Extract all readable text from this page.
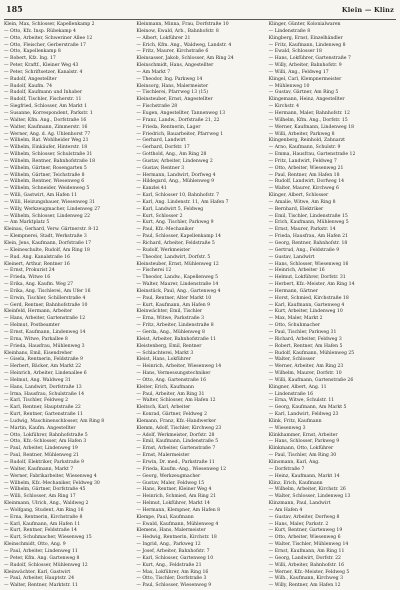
185	Klein — Klinz
Klein, Max, Schlosser, Kapellenkamp 2
— Otto, Kfz. Insp. Rübekamp 4
— Otto, Arbeiter, Schweriner Allee 12
— Otto, Fleischer, Gerberstraße 17
— Otto, Kapellenkamp 8
— Robert, Kfz. Ing. 17
— Peter, Kraftf., Kleiner Weg 43
— Peter, Schriftsetzer, Kanalstr. 4
— Rudolf, Angestellter
— Rudolf, Kaufm. 74
— Rudolf, Kaufmann und Inhaber
— Rudolf, Tischler, Fischerstr. 11
— Siegfried, Schlosser, Am Markt 1
— Susanne, Korrespondent, Parkstr. 1
— Walter, Kfm. Ang., Dorfstraße 16
— Walter, Kaufmann, Zimmerstr. 16
— Werner, Ang. d. Ag. Uhlenhorst 77
— Wilhelm, Rat. Wohlheider Weg 21
— Wilhelm, Einkäufer, Hinterstr. 18
— Wilhelm, Schlosser, Schulstraße 31
— Wilhelm, Rentner, Bahnhofstraße 18
— Wilhelm, Gärtner, Rosengarten 5
— Wilhelm, Gärtner, Teichstraße 8
— Wilhelm, Rentner, Wiesenweg 6
— Wilhelm, Schneider, Weidenweg 5
— Willi, Gastwirt, Am Hafen 11
— Willi, Heizungsbauer, Wiesenweg 31
— Willy, Werkzeugmacher, Lindenweg 27
— Wilhelm, Schlosser, Lindenweg 22
— Am Marktplatz 5
Kleinau, Gerhard, Verw. Gärtnerstr. 8-12
— Klempnerei, Stadt, Werkstraße 3
Klein, Jens, Kaufmann, Dorfstraße 17
— Kleineschulte, Rudolf, Am Ring 18
— Rud. Ang. Kanalstraße 16
Kleinert, Arthur, Rentner 16
— Ernst, Prokurist 24
— Frieda, Witwe 16
— Erika, Ang. Kaufm. Weg 27
— Erika, Ang. Tischlerei, Am Ufer 16
— Erwin, Tischler, Schillerstraße 4
— Gerd, Rentner, Bahnhofstraße 10
Kleinfeld, Hermann, Arbeiter
— Hans, Arbeiter, Gartenstraße 12
— Helmut, Postbeamter
— Ernst, Kaufmann, Lindenweg 14
— Erna, Witwe, Parkallee 8
— Frieda, Hausfrau, Mühlenweg 3
Kleinhans, Emil, Eisendreher
— Gisela, Rentnerin, Feldstraße 9
— Herbert, Bäcker, Am Markt 22
— Heinrich, Arbeiter, Lindenallee 6
— Helmut, Ang. Waldweg 31
— Hans, Landwirt, Dorfstraße 13
— Irma, Hausfrau, Schulstraße 14
— Karl, Tischler, Feldweg 2
— Karl, Rentner, Hauptstraße 22
— Kurt, Rentner, Gartenstraße 11
— Ludwig, Maschinenschlosser, Am Ring 8
— Martin, Kaufm. Angestellter
— Otto, Lokführer, Bahnhofstraße 5
— Otto, Kfz.-Schlosser, Am Hafen 3
— Paul, Arbeiter, Lindenweg 19
— Paul, Rentner, Mühlenweg 21
— Rudolf, Elektriker, Parkstraße 9
— Walter, Kaufmann, Markt 7
— Werner, Fabrikarbeiter, Wiesenweg 4
— Wilhelm, Kfz.-Mechaniker, Feldweg 30
— Wilhelm, Gärtner, Dorfstraße 45
— Willi, Schlosser, Am Ring 17
Kleinmann, Ulrich, Ang., Waldweg 2
— Wolfgang, Student, Am Ring 16
— Erna, Rentnerin, Kirchstraße 8
— Karl, Kaufmann, Am Hafen 11
— Kurt, Rentner, Feldstraße 14
— Kurt, Schuhmacher, Wiesenweg 15
Kleinschmidt, Otto, Ang. 9
— Paul, Arbeiter, Lindenweg 11
— Peter, Kfm. Ang. Gartenweg 8
— Rudolf, Schlosser, Mühlenweg 12
Kleinwächter, Karl, Gastwirt
— Paul, Arbeiter, Hauptstr. 24
— Walter, Rentner, Marktstr. 11
Kleinmann, Minna, Frau, Dorfstraße 10
Kleinow, Ewald, Arb., Bahnhofstr. 8
— Albert, Lokführer 21
— Erich, Kfm. Ang., Waldweg, Landstr. 4
— Fritz, Maurer, Kirchstraße 6
Kleinsasser, Jakob, Schlosser, Am Ring 24
Kleinschmidt, Hans, Angestellter
— Am Markt 7
— Theodor, Ing. Parkweg 14
Kleinsorg, Hans, Malermeister
— Tischlerei, Pfarrweg 13 (15)
Kleinsteuber, Ernst, Angestellter
— Fischstraße 28
— Eugen, Angestellter, Tannenweg 13
— Franz, Landw., Dorfstraße 21, 22
— Frieda, Rentnerin, Lager
— Friedrich, Bauarbeiter, Pfarrweg 1
— Gerhard, Landwirt
— Gerhard, Dorfstr. 17
— Gotthold, Ang., Am Ring 28
— Gustav, Arbeiter, Lindenweg 2
— Gustav, Rentner 3
— Hermann, Landwirt, Dorfweg 4
— Hildegard, Ang., Mühlenweg 9
— Kanzlei 41
— Karl, Schlosser 10, Bahnhofstr. 7
— Karl, Ang. Lindenstr. 11, Am Hafen 7
— Karl, Landwirt 5, Feldweg
— Kurt, Schlosser 2
— Kurt, Ang. Tischler, Parkweg 9
— Paul, Kfz.-Mechaniker
— Paul, Schlosser, Kapellenkamp 14
— Richard, Arbeiter, Feldstraße 5
— Rudolf, Werkmeister
— Theodor, Landwirt, Dorfstr. 5
Kleinsteuber, Ernst, Mühlenweg 12
— Fischerei 12
— Theodor, Landw., Kapellenweg 5
— Walter, Maurer, Lindenstraße 14
Kleinstück, Paul, Ang., Gartenweg 4
— Paul, Rentner, Alter Markt 10
— Kurt, Kaufmann, Am Hafen 9
Kleinwächter, Emil, Tischler
— Erna, Witwe, Parkstraße 3
— Fritz, Arbeiter, Lindenstraße 8
— Gerda, Ang., Mühlenweg 8
Kleist, Arbeiter, Bahnhofstraße 11
Kleistenberg, Emil, Rentner
— Schlachterei, Markt 3
Kleist, Hans, Lokführer
— Heinrich, Arbeiter, Wiesenweg 14
— Hans, Vermessungstechniker
— Otto, Ang. Gartenstraße 16
Kleiter, Erich, Kaufmann
— Paul, Arbeiter, Am Ring 31
— Walter, Schlosser, Am Hafen 12
Kleitsch, Karl, Arbeiter
— Konrad, Gärtner, Feldweg 2
Klemann, Franz, Kfz.-Handwerker
Klemm, Adolf, Tischler, Kirchweg 23
— Adolf, Werkmeister, Dorfstr. 28
— Emil, Kaufmann, Lindenstraße 5
— Ernst, Arbeiter, Gartenstraße 7
— Ernst, Malermeister
— Erwin, Dr. med., Parkstraße 11
— Frieda, Kaufm.-Ang., Wiesenweg 12
— Georg, Werkzeugmacher
— Gustav, Maler, Feldweg 15
— Hans, Rentner, Kleiner Weg 4
— Heinrich, Schmied, Am Ring 21
— Helmut, Lokführer, Markt 14
— Hermann, Klempner, Am Hafen 8
Klempe, Paul, Kaufmann
— Ewald, Kaufmann, Mühlenweg 4
Klemens, Hans, Malermeister
— Hedwig, Rentnerin, Kirchstr. 18
— Ingrid, Ang., Parkweg 12
— Josef, Arbeiter, Bahnhofstr. 7
— Karl, Schlosser, Gartenweg 10
— Kurt, Ang., Feldstraße 21
— Max, Lokführer, Am Ring 16
— Otto, Tischler, Dorfstraße 3
— Paul, Schlosser, Wiesenweg 9
Klinger, Günter, Kolonialwaren
— Lindenstraße 8
Klingberg, Ernst, Einzelhändler
— Fritz, Kaufmann, Lindenweg 8
— Ewald, Schlosser 18
— Hans, Lokführer, Gartenstraße 7
— Willy, Arbeiter, Bahnhofstr. 9
— Willi, Ang., Feldweg 17
Klingel, Carl, Klempnermeister
— Mühlenweg 10
— Gustav, Gärtner, Am Ring 5
Klingemann, Heinz, Angestellter
— Kirchstr. 4
— Hermann, Maler, Bahnhofstr. 12
— Wilhelm, Kfm. Ang., Dorfstr. 15
— Werner, Kaufmann, Lindenweg 18
— Willi, Arbeiter, Parkweg 8
Klingenberg, Reinhold, Zahnarzt
— Arno, Kaufmann, Schulstr. 9
— Emma, Hausfrau, Gartenstraße 12
— Fritz, Landwirt, Feldweg 7
— Otto, Arbeiter, Wiesenweg 21
— Paul, Rentner, Am Hafen 18
— Rudolf, Landwirt, Dorfweg 14
— Walter, Maurer, Kirchweg 6
Klinger, Albert, Schlosser
— Amalie, Witwe, Am Ring 8
— Bernhard, Elektriker
— Emil, Tischler, Lindenstraße 15
— Erich, Kaufmann, Mühlenweg 5
— Ernst, Maurer, Parkstr. 14
— Frieda, Hausfrau, Am Hafen 21
— Georg, Rentner, Bahnhofstr. 18
— Gertrud, Ang., Feldstraße 9
— Gustav, Landwirt
— Hans, Schlosser, Wiesenweg 16
— Heinrich, Arbeiter 16
— Helmut, Lokführer, Dorfstr. 31
— Herbert, Kfz.-Meister, Am Ring 14
— Hermann, Gärtner
— Horst, Schmied, Kirchstraße 18
— Karl, Kaufmann, Gartenweg 4
— Kurt, Arbeiter, Lindenweg 10
— Max, Maler, Markt 2
— Otto, Schuhmacher
— Paul, Tischler, Parkweg 31
— Richard, Arbeiter, Feldweg 3
— Robert, Rentner, Am Hafen 5
— Rudolf, Kaufmann, Mühlenweg 25
— Walter, Schlosser
— Werner, Arbeiter, Am Ring 23
— Wilhelm, Maurer, Dorfstr. 10
— Willi, Kaufmann, Gartenstraße 26
Klingner, Albert, Ang. 11
— Lindenstraße 16
— Erna, Witwe, Schulstr. 11
— Georg, Kaufmann, Am Markt 5
— Karl, Landwirt, Feldweg 23
Klink, Fritz, Kaufmann
— Wiesenweg 3
Klinkhammer, Ernst, Arbeiter
— Hans, Schlosser, Parkweg 9
Klinkmann, Otto, Lokführer
— Paul, Tischler, Am Ring 30
Klinsmann, Karl, Ang.
— Dorfstraße 7
— Heinz, Kaufmann, Markt 14
Klinz, Erich, Kaufmann
— Wilhelm, Arbeiter, Kirchstr. 26
— Walter, Schlosser, Lindenweg 13
Klinzmann, Paul, Landwirt
— Am Hafen 4
— Gustav, Arbeiter, Dorfweg 8
— Hans, Maler, Parkstr. 2
— Kurt, Rentner, Gartenweg 19
— Otto, Arbeiter, Wiesenweg 6
— Walter, Tischler, Mühlenweg 14
— Ernst, Kaufmann, Am Ring 11
— Georg, Landwirt, Dorfstr. 22
— Willi, Arbeiter, Bahnhofstr. 16
— Werner, Kfz.-Meister, Feldweg 5
— Wilh., Kaufmann, Kirchweg 3
— Willy, Rentner, Am Hafen 12
